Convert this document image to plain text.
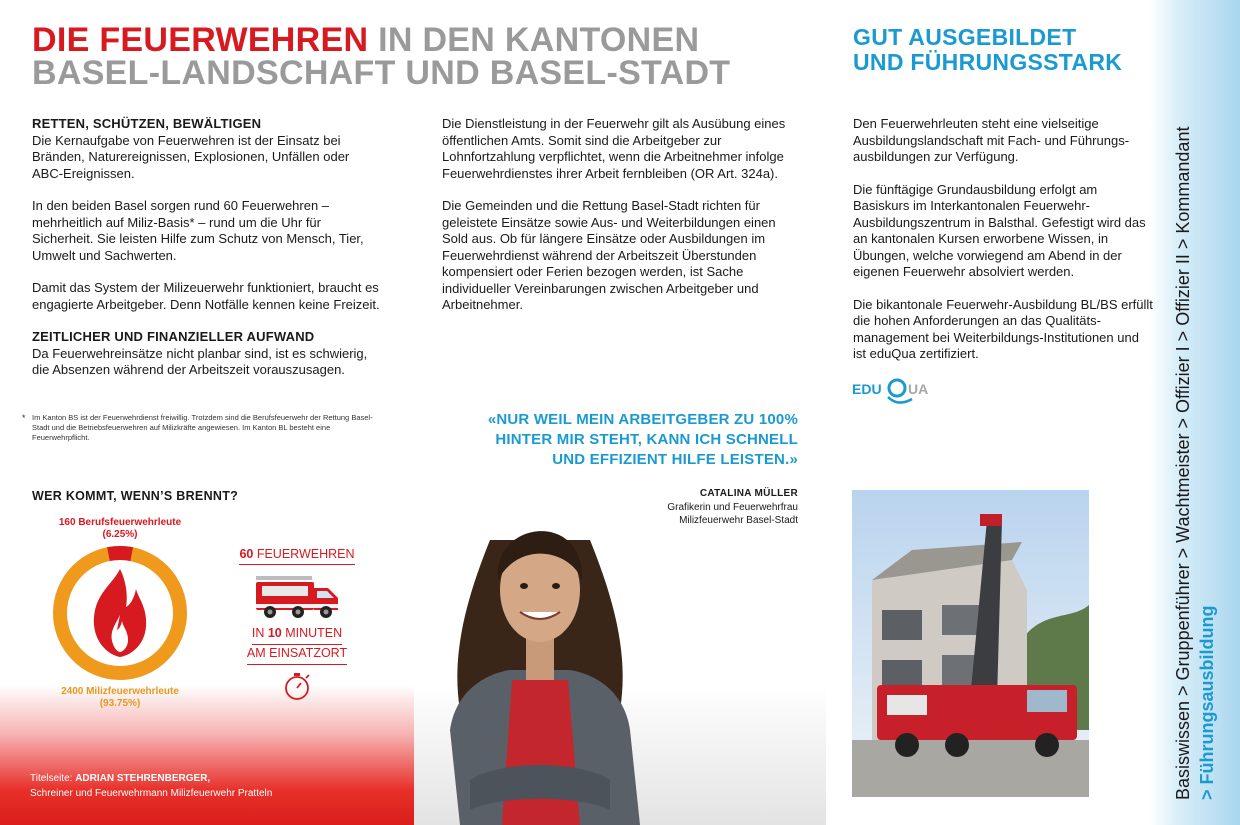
DIE FEUERWEHREN IN DEN KANTONEN
BASEL-LANDSCHAFT UND BASEL-STADT
GUT AUSGEBILDET
UND FÜHRUNGSSTARK
RETTEN, SCHÜTZEN, BEWÄLTIGEN

Die Kernaufgabe von Feuerwehren ist der Einsatz bei Bränden, Naturereignissen, Explosionen, Unfällen oder ABC-Ereignissen.

In den beiden Basel sorgen rund 60 Feuerwehren – mehrheitlich auf Miliz-Basis* – rund um die Uhr für Sicherheit. Sie leisten Hilfe zum Schutz von Mensch, Tier, Umwelt und Sachwerten.

Damit das System der Milizeuerwehr funktioniert, braucht es engagierte Arbeitgeber. Denn Notfälle kennen keine Freizeit.

ZEITLICHER UND FINANZIELLER AUFWAND

Da Feuerwehreinsätze nicht planbar sind, ist es schwierig, die Absenzen während der Arbeitszeit vorauszusagen.

* Im Kanton BS ist der Feuerwehrdienst freiwillig. Trotzdem sind die Berufsfeuerwehr der Rettung Basel-Stadt und die Betriebsfeuerwehren auf Milizkräfte angewiesen. Im Kanton BL besteht eine Feuerwehrpflicht.

Die Dienstleistung in der Feuerwehr gilt als Ausübung eines öffentlichen Amts. Somit sind die Arbeitgeber zur Lohnfortzahlung verpflichtet, wenn die Arbeitnehmer infolge Feuerwehrdienstes ihrer Arbeit fernbleiben (OR Art. 324a).

Die Gemeinden und die Rettung Basel-Stadt richten für geleistete Einsätze sowie Aus- und Weiterbildungen einen Sold aus. Ob für längere Einsätze oder Ausbildungen im Feuerwehrdienst während der Arbeitszeit Überstunden kompensiert oder Ferien bezogen werden, ist Sache individueller Vereinbarungen zwischen Arbeitgeber und Arbeitnehmer.

Den Feuerwehrleuten steht eine vielseitige Ausbildungslandschaft mit Fach- und Führungs-ausbildungen zur Verfügung.

Die fünftägige Grundausbildung erfolgt am Basiskurs im Interkantonalen Feuerwehr-Ausbildungszentrum in Balsthal. Gefestigt wird das an kantonalen Kursen erworbene Wissen, in Übungen, welche vorwiegend am Abend in der eigenen Feuerwehr absolviert werden.

Die bikantonale Feuerwehr-Ausbildung BL/BS erfüllt die hohen Anforderungen an das Qualitäts-management bei Weiterbildungs-Institutionen und ist eduQua zertifiziert.

EDU UA
WER KOMMT, WENN’S BRENNT?
160 Berufsfeuerwehrleute
(6.25%)
2400 Milizfeuerwehrleute
(93.75%)
60 FEUERWEHREN
IN 10 MINUTEN
AM EINSATZORT
Titelseite: ADRIAN STEHRENBERGER,
Schreiner und Feuerwehrmann Milizfeuerwehr Pratteln
«NUR WEIL MEIN ARBEITGEBER ZU 100%
HINTER MIR STEHT, KANN ICH SCHNELL
UND EFFIZIENT HILFE LEISTEN.»
CATALINA MÜLLER
Grafikerin und Feuerwehrfrau
Milizfeuerwehr Basel-Stadt	Basiswissen > Gruppenführer > Wachtmeister > Offizier I > Offizier II > Kommandant > Führungsausbildung
